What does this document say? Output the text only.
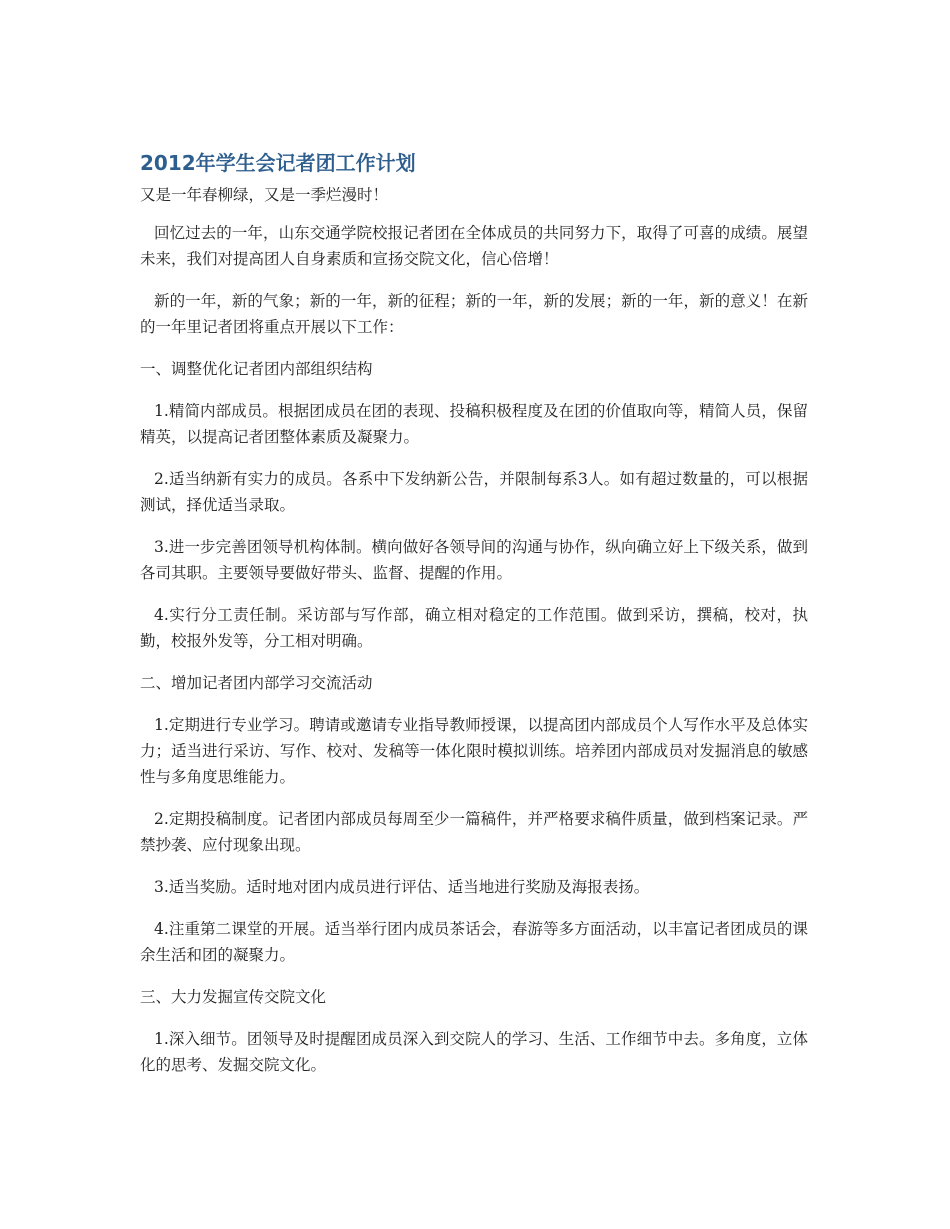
2012年学生会记者团工作计划

又是一年春柳绿，又是一季烂漫时！

回忆过去的一年，山东交通学院校报记者团在全体成员的共同努力下，取得了可喜的成绩。展望未来，我们对提高团人自身素质和宣扬交院文化，信心倍增！

新的一年，新的气象；新的一年，新的征程；新的一年，新的发展；新的一年，新的意义！在新的一年里记者团将重点开展以下工作：

一、调整优化记者团内部组织结构

1.精简内部成员。根据团成员在团的表现、投稿积极程度及在团的价值取向等，精简人员，保留精英，以提高记者团整体素质及凝聚力。

2.适当纳新有实力的成员。各系中下发纳新公告，并限制每系3人。如有超过数量的，可以根据测试，择优适当录取。

3.进一步完善团领导机构体制。横向做好各领导间的沟通与协作，纵向确立好上下级关系，做到各司其职。主要领导要做好带头、监督、提醒的作用。

4.实行分工责任制。采访部与写作部，确立相对稳定的工作范围。做到采访，撰稿，校对，执勤，校报外发等，分工相对明确。

二、增加记者团内部学习交流活动

1.定期进行专业学习。聘请或邀请专业指导教师授课，以提高团内部成员个人写作水平及总体实力；适当进行采访、写作、校对、发稿等一体化限时模拟训练。培养团内部成员对发掘消息的敏感性与多角度思维能力。

2.定期投稿制度。记者团内部成员每周至少一篇稿件，并严格要求稿件质量，做到档案记录。严禁抄袭、应付现象出现。

3.适当奖励。适时地对团内成员进行评估、适当地进行奖励及海报表扬。

4.注重第二课堂的开展。适当举行团内成员茶话会，春游等多方面活动，以丰富记者团成员的课余生活和团的凝聚力。

三、大力发掘宣传交院文化

1.深入细节。团领导及时提醒团成员深入到交院人的学习、生活、工作细节中去。多角度，立体化的思考、发掘交院文化。
